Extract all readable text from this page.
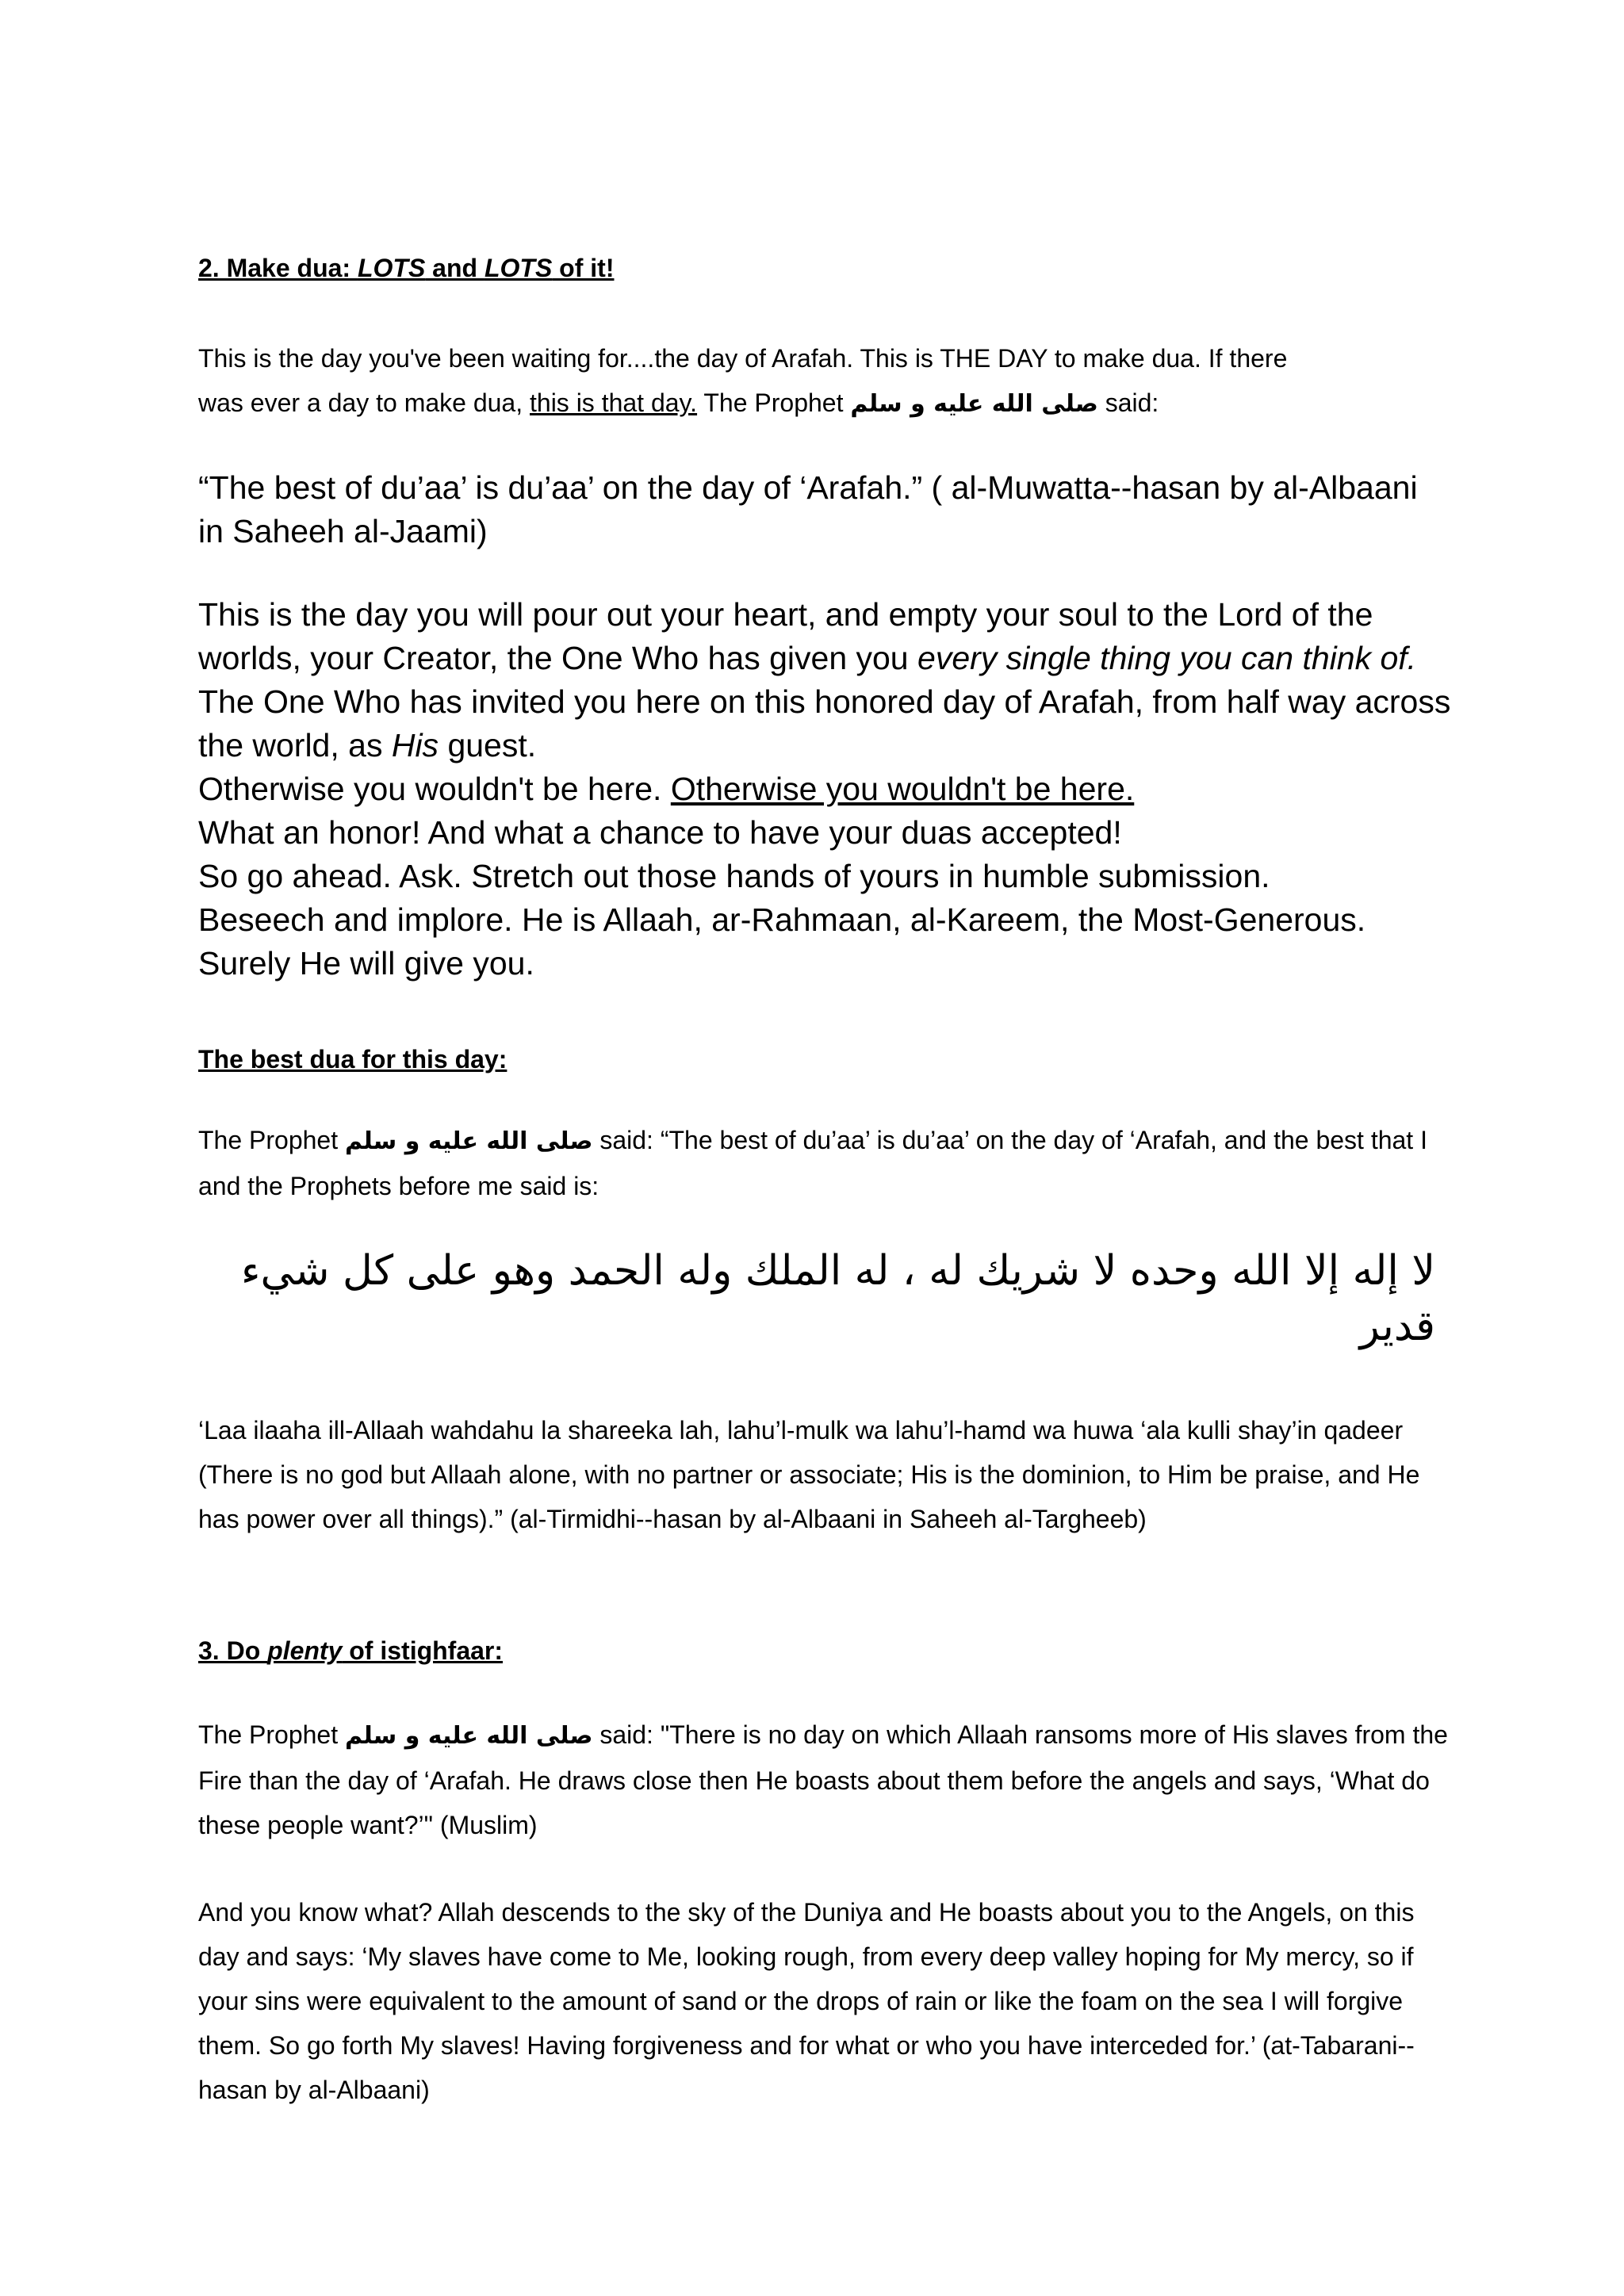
2. Make dua: LOTS and LOTS of it!

This is the day you've been waiting for....the day of Arafah. This is THE DAY to make dua. If there

was ever a day to make dua, this is that day. The Prophet صلى الله عليه و سلم said:

“The best of du’aa’ is du’aa’ on the day of ‘Arafah.” ( al-Muwatta--hasan by al-Albaani in Saheeh al-Jaami)

This is the day you will pour out your heart, and empty your soul to the Lord of the worlds, your Creator, the One Who has given you every single thing you can think of. The One Who has invited you here on this honored day of Arafah, from half way across the world, as His guest.

Otherwise you wouldn't be here. Otherwise you wouldn't be here.

What an honor! And what a chance to have your duas accepted!

So go ahead. Ask. Stretch out those hands of yours in humble submission.

Beseech and implore. He is Allaah, ar-Rahmaan, al-Kareem, the Most-Generous.

Surely He will give you.

The best dua for this day:

The Prophet صلى الله عليه و سلم said: “The best of du’aa’ is du’aa’ on the day of ‘Arafah, and the best that I and the Prophets before me said is:

لا إله إلا الله وحده لا شريك له ، له الملك وله الحمد وهو على كل شيء قدير

‘Laa ilaaha ill-Allaah wahdahu la shareeka lah, lahu’l-mulk wa lahu’l-hamd wa huwa ‘ala kulli shay’in qadeer

(There is no god but Allaah alone, with no partner or associate; His is the dominion, to Him be praise, and He has power over all things).” (al-Tirmidhi--hasan by al-Albaani in Saheeh al-Targheeb)

3. Do plenty of istighfaar:

The Prophet صلى الله عليه و سلم said: "There is no day on which Allaah ransoms more of His slaves from the Fire than the day of ‘Arafah. He draws close then He boasts about them before the angels and says, ‘What do these people want?’" (Muslim)

And you know what? Allah descends to the sky of the Duniya and He boasts about you to the Angels, on this day and says: ‘My slaves have come to Me, looking rough, from every deep valley hoping for My mercy, so if your sins were equivalent to the amount of sand or the drops of rain or like the foam on the sea I will forgive them. So go forth My slaves! Having forgiveness and for what or who you have interceded for.’ (at-Tabarani--hasan by al-Albaani)
